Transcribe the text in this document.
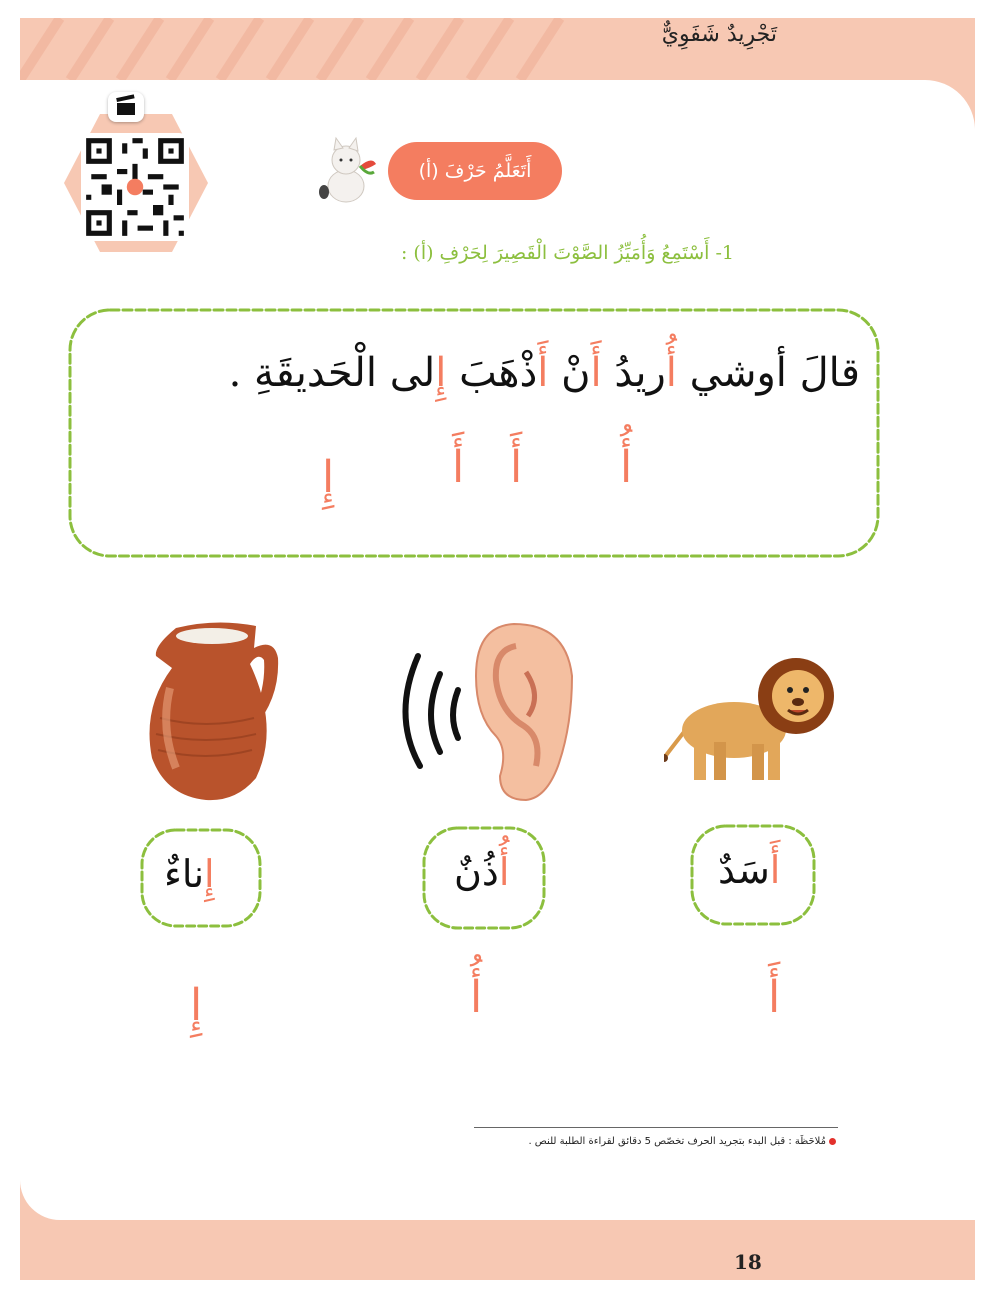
تَجْرِيدٌ شَفَوِيٌّ
أَتَعَلَّمُ حَرْفَ (أ)
1- أَسْتَمِعُ وَأُمَيِّزُ الصَّوْتَ الْقَصِيرَ لِحَرْفِ (أ) :
قالَ أوشي أُريدُ أَنْ أَذْهَبَ إِلى الْحَديقَةِ .
أُ
أَ
أَ
إِ
أَسَدٌ
أُذُنٌ
إِناءٌ
أَ
أُ
إِ
مُلاحَظَة : قبل البدء بتجريد الحرف تخصّص 5 دقائق لقراءة الطلبة للنص .
18
